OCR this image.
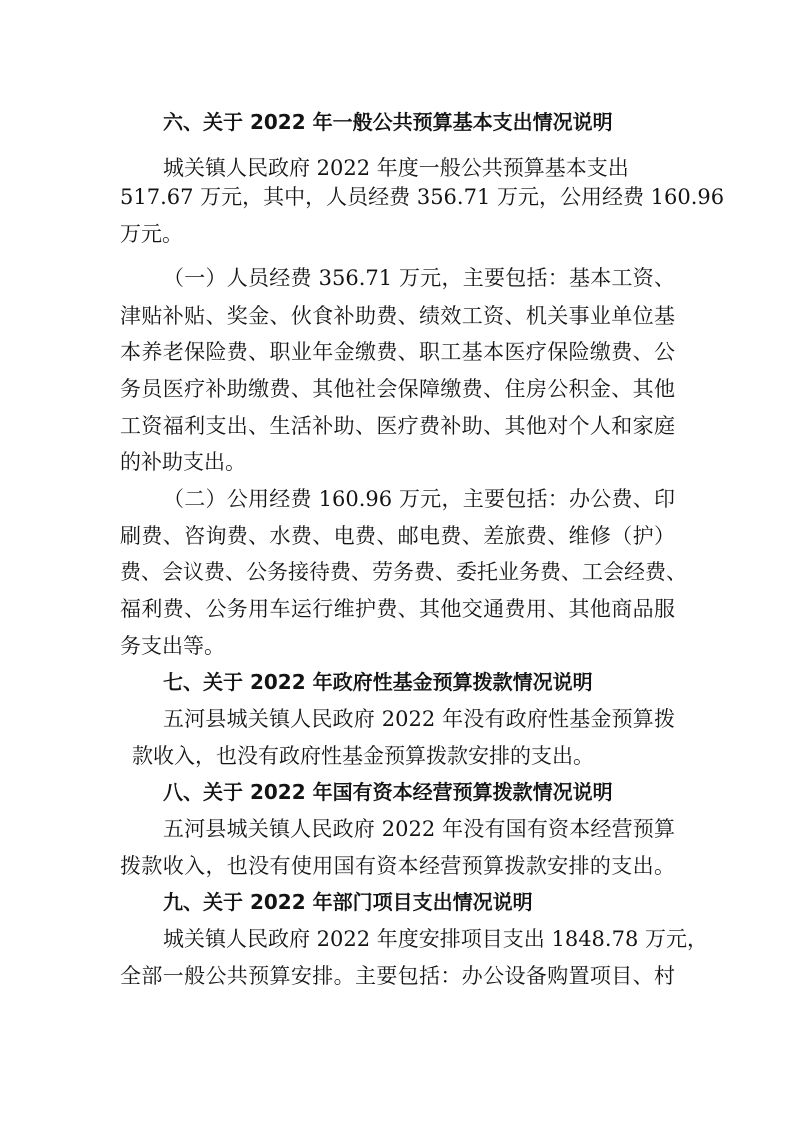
六、关于 2022 年一般公共预算基本支出情况说明
城关镇人民政府 2022 年度一般公共预算基本支出
517.67 万元，其中，人员经费 356.71 万元，公用经费 160.96
万元。
（一）人员经费 356.71 万元，主要包括：基本工资、
津贴补贴、奖金、伙食补助费、绩效工资、机关事业单位基
本养老保险费、职业年金缴费、职工基本医疗保险缴费、公
务员医疗补助缴费、其他社会保障缴费、住房公积金、其他
工资福利支出、生活补助、医疗费补助、其他对个人和家庭
的补助支出。
（二）公用经费 160.96 万元，主要包括：办公费、印
刷费、咨询费、水费、电费、邮电费、差旅费、维修（护）
费、会议费、公务接待费、劳务费、委托业务费、工会经费、
福利费、公务用车运行维护费、其他交通费用、其他商品服
务支出等。
七、关于 2022 年政府性基金预算拨款情况说明
五河县城关镇人民政府 2022 年没有政府性基金预算拨
款收入，也没有政府性基金预算拨款安排的支出。
八、关于 2022 年国有资本经营预算拨款情况说明
五河县城关镇人民政府 2022 年没有国有资本经营预算
拨款收入，也没有使用国有资本经营预算拨款安排的支出。
九、关于 2022 年部门项目支出情况说明
城关镇人民政府 2022 年度安排项目支出 1848.78 万元，
全部一般公共预算安排。主要包括：办公设备购置项目、村
